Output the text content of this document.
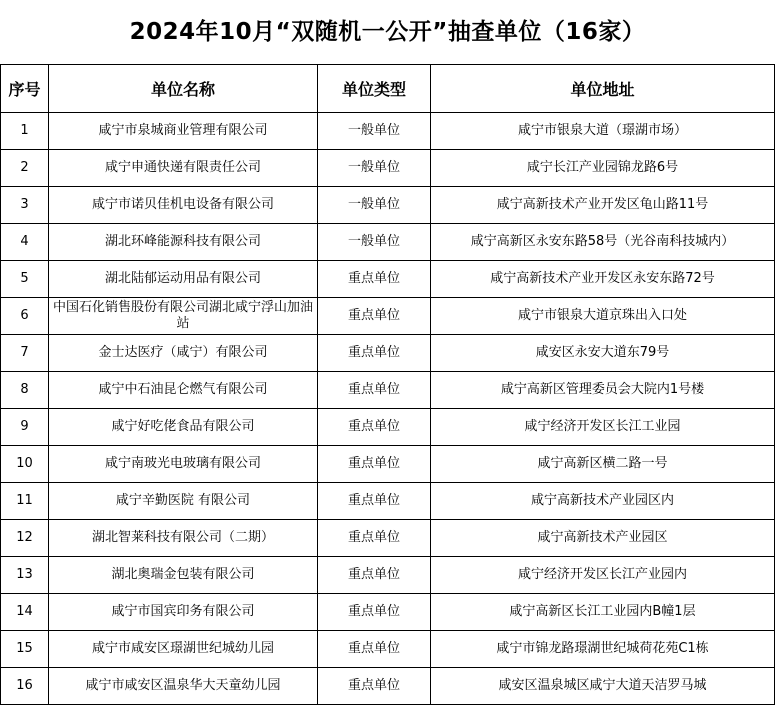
2024年10月“双随机一公开”抽查单位（16家）
序号	单位名称	单位类型	单位地址
1	咸宁市泉城商业管理有限公司	一般单位	咸宁市银泉大道（璟湖市场）
2	咸宁申通快递有限责任公司	一般单位	咸宁长江产业园锦龙路6号
3	咸宁市诺贝佳机电设备有限公司	一般单位	咸宁高新技术产业开发区龟山路11号
4	湖北环峰能源科技有限公司	一般单位	咸宁高新区永安东路58号（光谷南科技城内）
5	湖北陆郁运动用品有限公司	重点单位	咸宁高新技术产业开发区永安东路72号
6	中国石化销售股份有限公司湖北咸宁浮山加油站	重点单位	咸宁市银泉大道京珠出入口处
7	金士达医疗（咸宁）有限公司	重点单位	咸安区永安大道东79号
8	咸宁中石油昆仑燃气有限公司	重点单位	咸宁高新区管理委员会大院内1号楼
9	咸宁好吃佬食品有限公司	重点单位	咸宁经济开发区长江工业园
10	咸宁南玻光电玻璃有限公司	重点单位	咸宁高新区横二路一号
11	咸宁辛勤医院 有限公司	重点单位	咸宁高新技术产业园区内
12	湖北智莱科技有限公司（二期）	重点单位	咸宁高新技术产业园区
13	湖北奥瑞金包装有限公司	重点单位	咸宁经济开发区长江产业园内
14	咸宁市国宾印务有限公司	重点单位	咸宁高新区长江工业园内B幢1层
15	咸宁市咸安区璟湖世纪城幼儿园	重点单位	咸宁市锦龙路璟湖世纪城荷花苑C1栋
16	咸宁市咸安区温泉华大天童幼儿园	重点单位	咸安区温泉城区咸宁大道天洁罗马城
